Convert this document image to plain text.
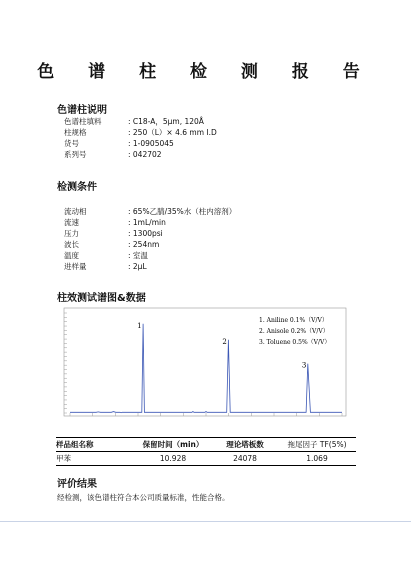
色 谱 柱 检 测 报 告
色谱柱说明
色谱柱填料	: C18-A，5μm, 120Å
柱规格	: 250（L）× 4.6 mm I.D
货号	: 1-0905045
系列号	: 042702
检测条件
流动相	: 65%乙腈/35%水（柱内溶剂）
流速	: 1mL/min
压力	: 1300psi
波长	: 254nm
温度	: 室温
进样量	: 2μL
柱效测试谱图&数据
1
2
3
1. Aniline 0.1%（V/V）
2. Anisole 0.2%（V/V）
3. Toluene 0.5%（V/V）
样品组名称	保留时间（min）	理论塔板数	拖尾因子 TF(5%)
甲苯	10.928	24078	1.069
评价结果
经检测，该色谱柱符合本公司质量标准，性能合格。
